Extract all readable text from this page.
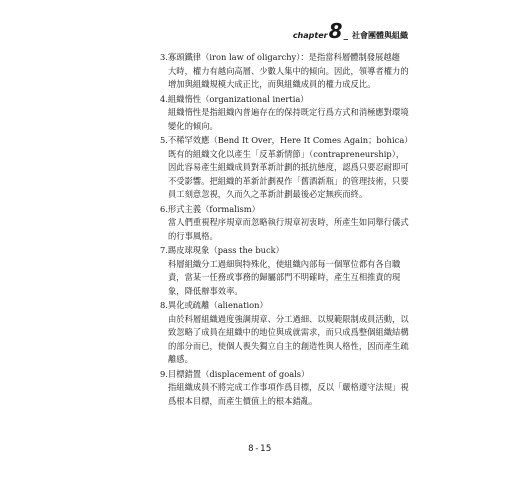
chapter 8 _ 社會團體與組織
3.寡頭鐵律（iron law of oligarchy）：是指當科層體制發展越趨
大時，權力有越向高層、少數人集中的傾向。因此，領導者權力的
增加與組織規模大成正比，而與組織成員的權力成反比。
4.組織惰性（organizational inertia）
組織惰性是指組織內普遍存在的保持既定行爲方式和消極應對環境
變化的傾向。
5.不稀罕效應（Bend It Over，Here It Comes Again；bohica）
既有的組織文化以產生「反革新情節」（contrapreneurship），
因此容易產生組織成員對革新計劃的抵抗態度，認爲只要忍耐即可
不受影響。把組織的革新計劃視作「舊酒新瓶」的管理技術，只要
員工刻意忽視，久而久之革新計劃最後必定無疾而終。
6.形式主義（formalism）
當人們重視程序規章而忽略執行規章初衷時，所產生如同舉行儀式
的行事風格。
7.踢皮球現象（pass the buck）
科層組織分工過細與特殊化，使組織內部每一個單位都有各自職
責，當某一任務或事務的歸屬部門不明確時，產生互相推責的現
象，降低辦事效率。
8.異化或疏離（alienation）
由於科層組織過度強調規章、分工過細、以規範限制成員活動，以
致忽略了成員在組織中的地位與成就需求，而只成爲整個組織結構
的部分而已，使個人喪失獨立自主的創造性與人格性，因而產生疏
離感。
9.目標錯置（displacement of goals）
指組織成員不將完成工作事項作爲目標，反以「嚴格遵守法規」視
爲根本目標，而產生價值上的根本錯亂。
8-15
